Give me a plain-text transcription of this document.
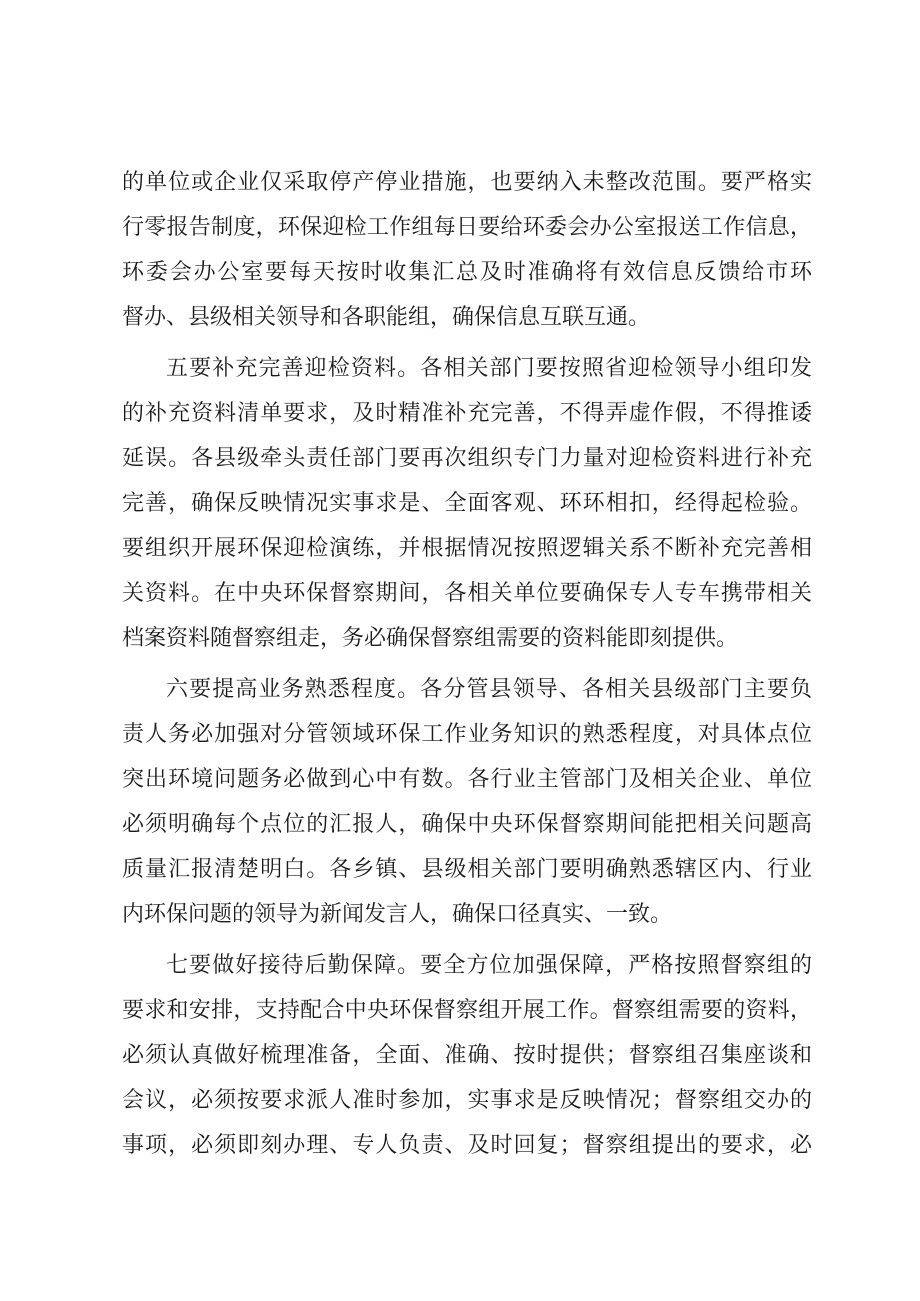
的单位或企业仅采取停产停业措施，也要纳入未整改范围。要严格实
行零报告制度，环保迎检工作组每日要给环委会办公室报送工作信息，
环委会办公室要每天按时收集汇总及时准确将有效信息反馈给市环
督办、县级相关领导和各职能组，确保信息互联互通。
五要补充完善迎检资料。各相关部门要按照省迎检领导小组印发
的补充资料清单要求，及时精准补充完善，不得弄虚作假，不得推诿
延误。各县级牵头责任部门要再次组织专门力量对迎检资料进行补充
完善，确保反映情况实事求是、全面客观、环环相扣，经得起检验。
要组织开展环保迎检演练，并根据情况按照逻辑关系不断补充完善相
关资料。在中央环保督察期间，各相关单位要确保专人专车携带相关
档案资料随督察组走，务必确保督察组需要的资料能即刻提供。
六要提高业务熟悉程度。各分管县领导、各相关县级部门主要负
责人务必加强对分管领域环保工作业务知识的熟悉程度，对具体点位
突出环境问题务必做到心中有数。各行业主管部门及相关企业、单位
必须明确每个点位的汇报人，确保中央环保督察期间能把相关问题高
质量汇报清楚明白。各乡镇、县级相关部门要明确熟悉辖区内、行业
内环保问题的领导为新闻发言人，确保口径真实、一致。
七要做好接待后勤保障。要全方位加强保障，严格按照督察组的
要求和安排，支持配合中央环保督察组开展工作。督察组需要的资料，
必须认真做好梳理准备，全面、准确、按时提供；督察组召集座谈和
会议，必须按要求派人准时参加，实事求是反映情况；督察组交办的
事项，必须即刻办理、专人负责、及时回复；督察组提出的要求，必
